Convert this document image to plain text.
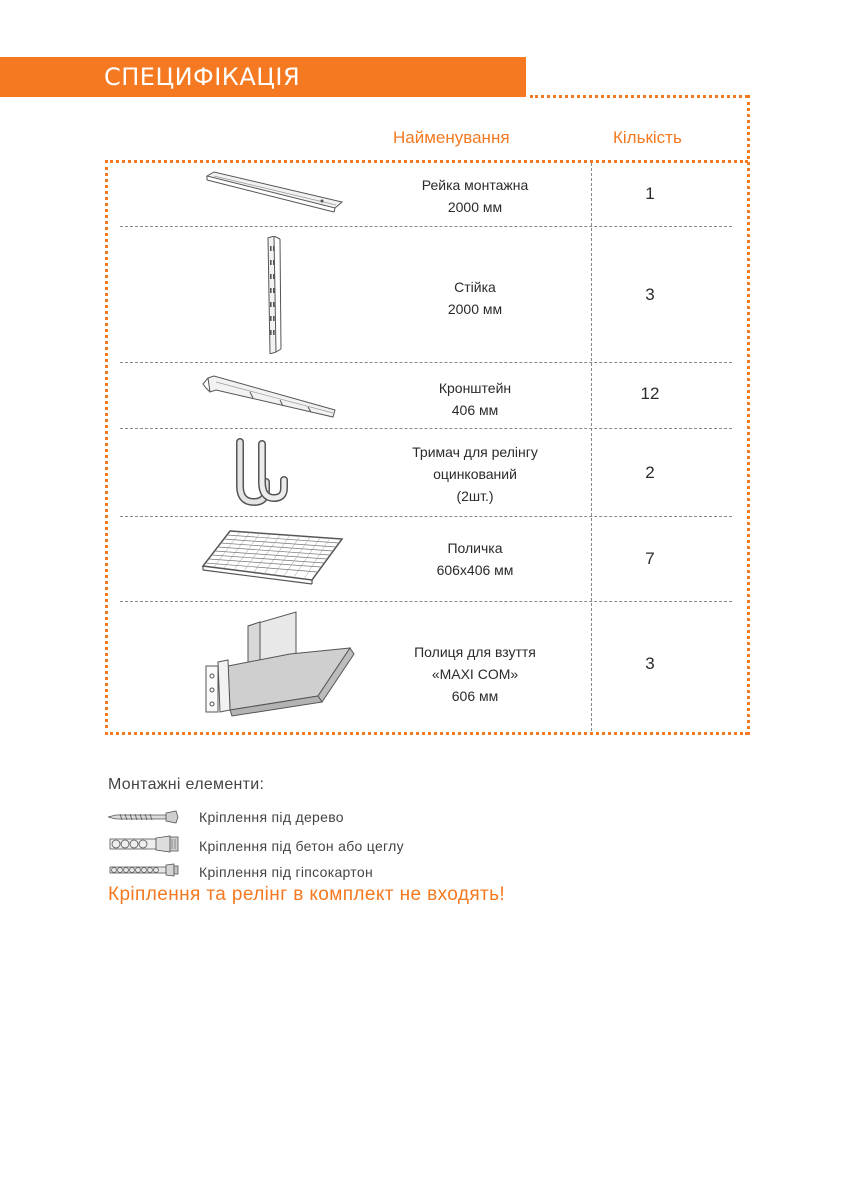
СПЕЦИФІКАЦІЯ
Найменування	Кількість
Рейка монтажна
2000 мм
1
Стійка
2000 мм
3
Кронштейн
406 мм
12
Тримач для релінгу
оцинкований
(2шт.)
2
Поличка
606х406 мм
7
Полиця для взуття
«MAXI COM»
606 мм
3
Монтажні елементи:
Кріплення під дерево
Кріплення під бетон або цеглу
Кріплення під гіпсокартон
Кріплення та релінг в комплект не входять!
